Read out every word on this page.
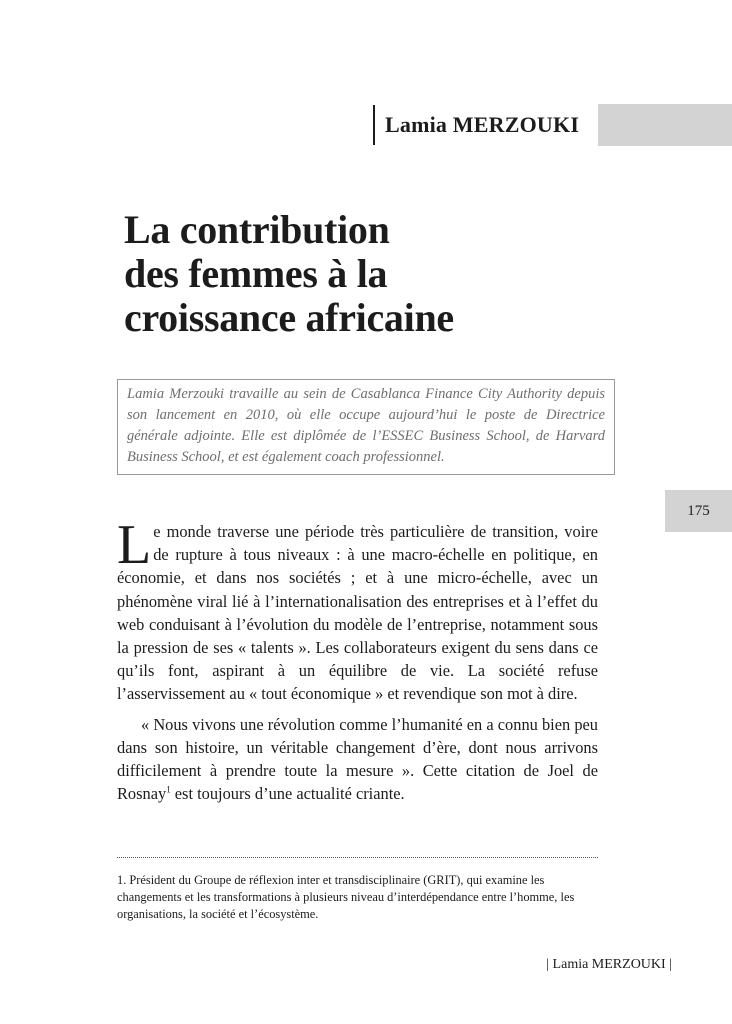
Lamia MERZOUKI
La contribution
des femmes à la
croissance africaine
Lamia Merzouki travaille au sein de Casablanca Finance City Authority depuis son lancement en 2010, où elle occupe aujourd’hui le poste de Directrice générale adjointe. Elle est diplômée de l’ESSEC Business School, de Harvard Business School, et est également coach professionnel.
175

Le monde traverse une période très particulière de transition, voire de rupture à tous niveaux : à une macro-échelle en politique, en économie, et dans nos sociétés ; et à une micro-échelle, avec un phénomène viral lié à l’internationalisation des entreprises et à l’effet du web conduisant à l’évolution du modèle de l’entreprise, notamment sous la pression de ses « talents ». Les collaborateurs exigent du sens dans ce qu’ils font, aspirant à un équilibre de vie. La société refuse l’asservissement au « tout économique » et revendique son mot à dire.

« Nous vivons une révolution comme l’humanité en a connu bien peu dans son histoire, un véritable changement d’ère, dont nous arrivons difficilement à prendre toute la mesure ». Cette citation de Joel de Rosnay$^1$ est toujours d’une actualité criante.

1. Président du Groupe de réflexion inter et transdisciplinaire (GRIT), qui examine les changements et les transformations à plusieurs niveau d’interdépendance entre l’homme, les organisations, la société et l’écosystème.

| Lamia MERZOUKI |
